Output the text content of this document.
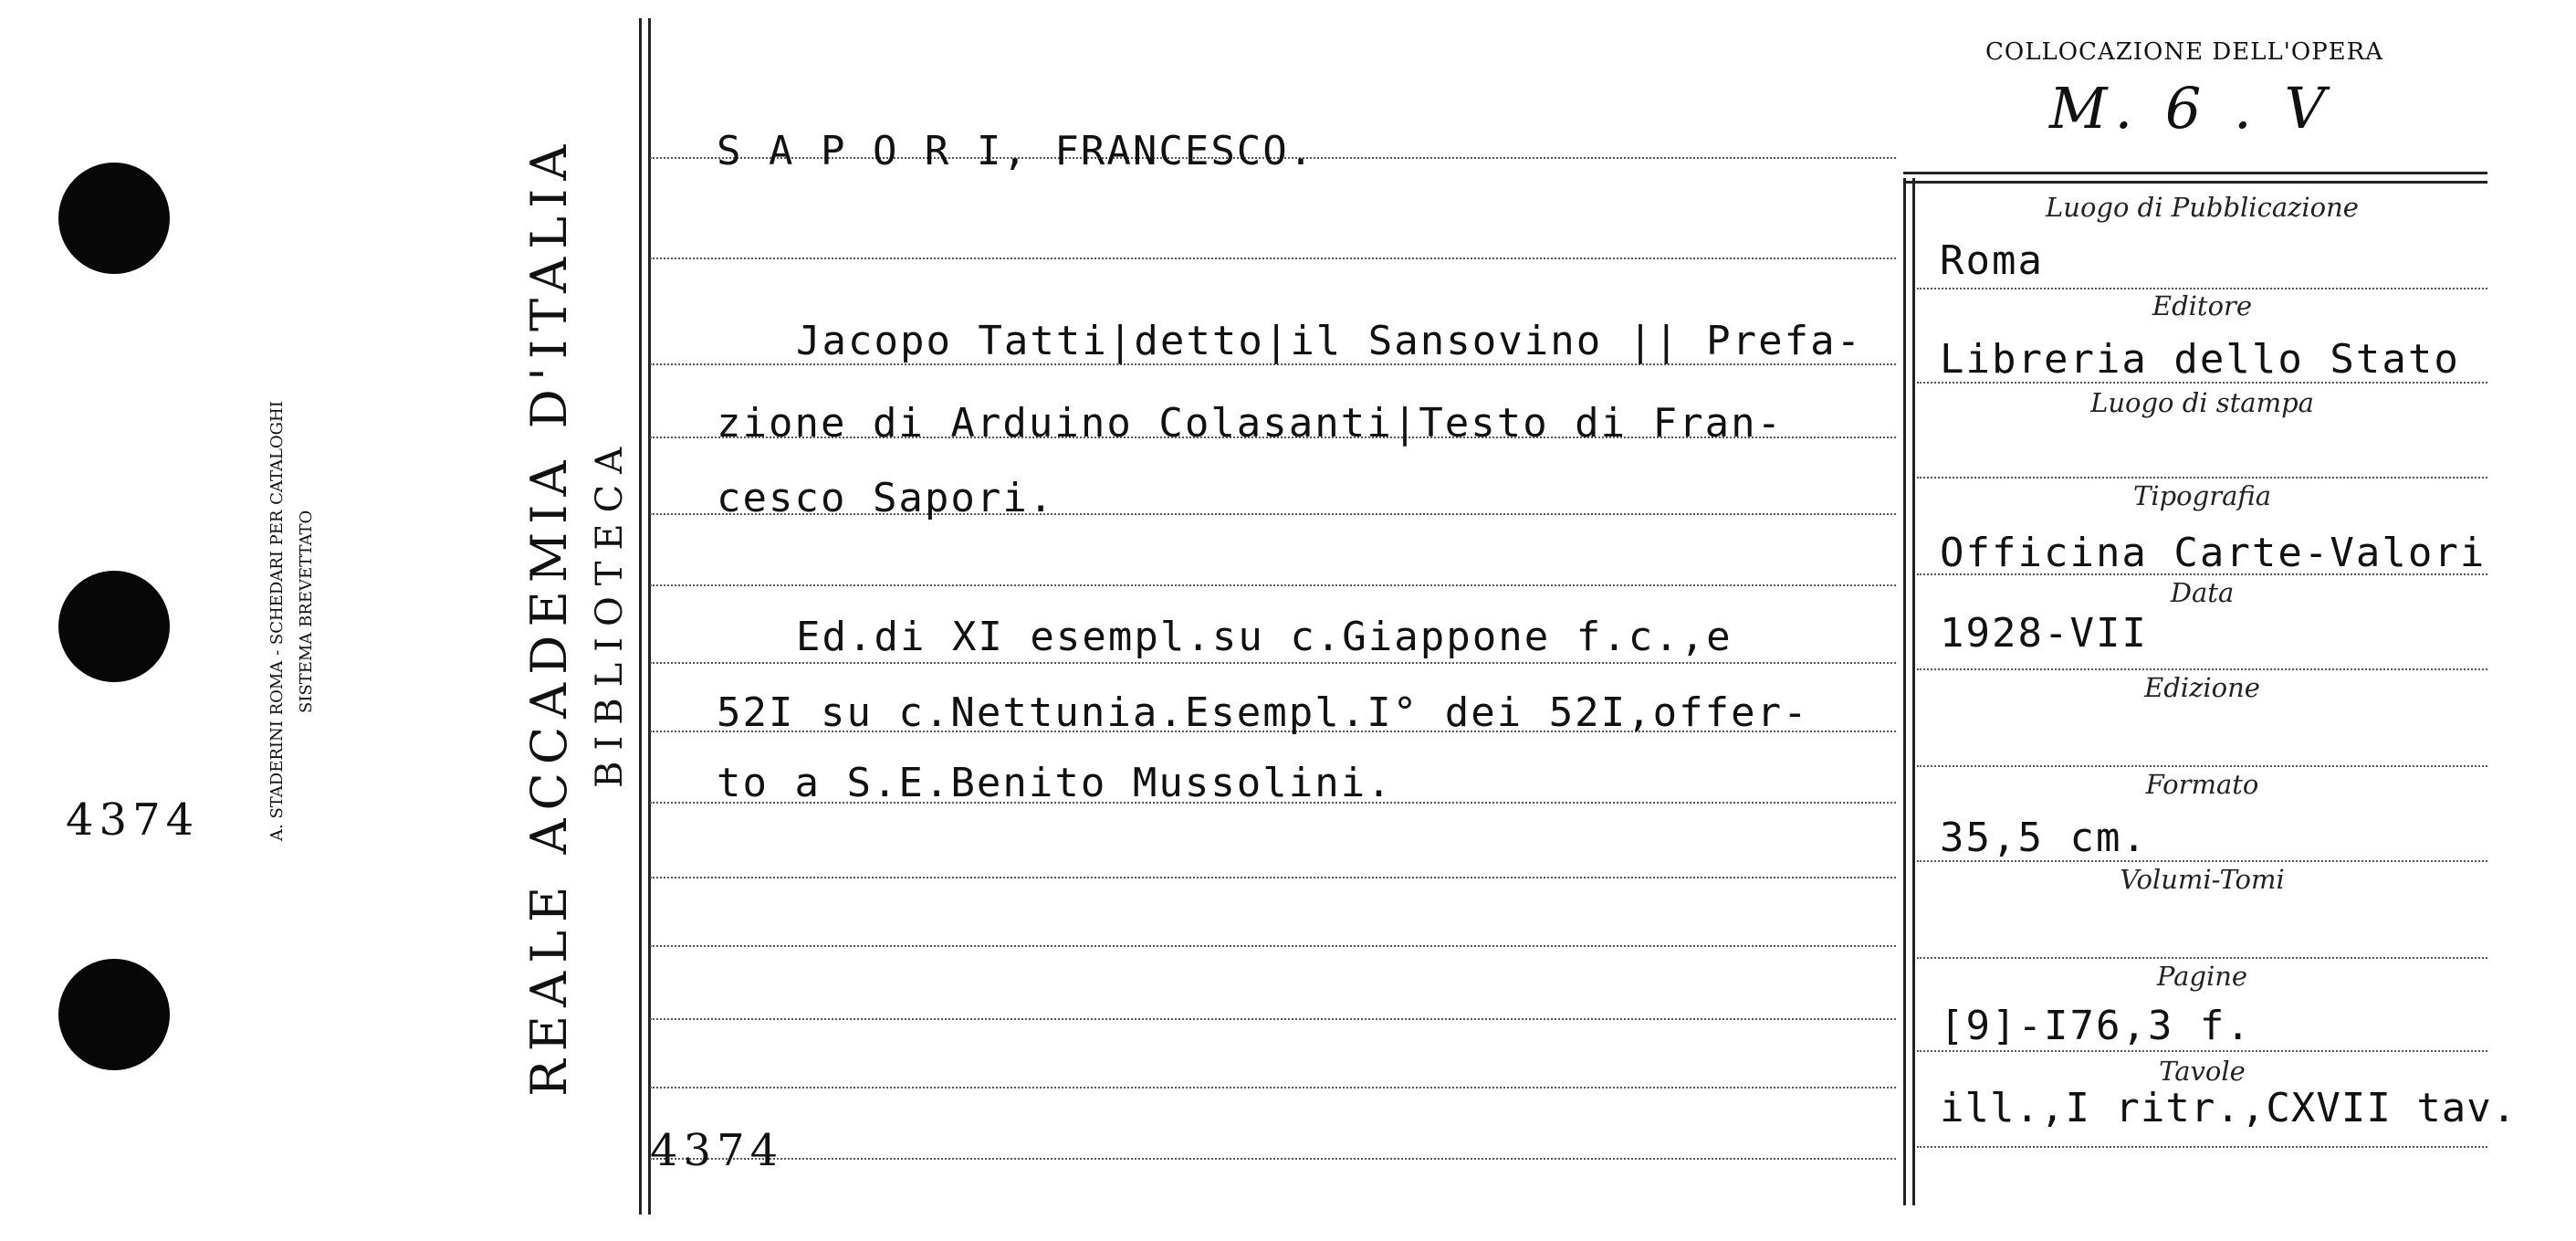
4374	A. STADERINI ROMA - SCHEDARI PER CATALOGHI SISTEMA BREVETTATO	REALE ACCADEMIA D'ITALIA BIBLIOTECA
COLLOCAZIONE DELL'OPERA
M. 6 . V
S A P O R I, FRANCESCO.
Jacopo Tatti|detto|il Sansovino || Prefa-
zione di Arduino Colasanti|Testo di Fran-
cesco Sapori.
Ed.di XI esempl.su c.Giappone f.c.,e
52I su c.Nettunia.Esempl.I° dei 52I,offer-
to a S.E.Benito Mussolini.
4374
Luogo di Pubblicazione
Editore
Luogo di stampa
Tipografia
Data
Edizione
Formato
Volumi-Tomi
Pagine
Tavole
Roma
Libreria dello Stato
Officina Carte-Valori
1928-VII
35,5 cm.
[9]-I76,3 f.
ill.,I ritr.,CXVII tav.
